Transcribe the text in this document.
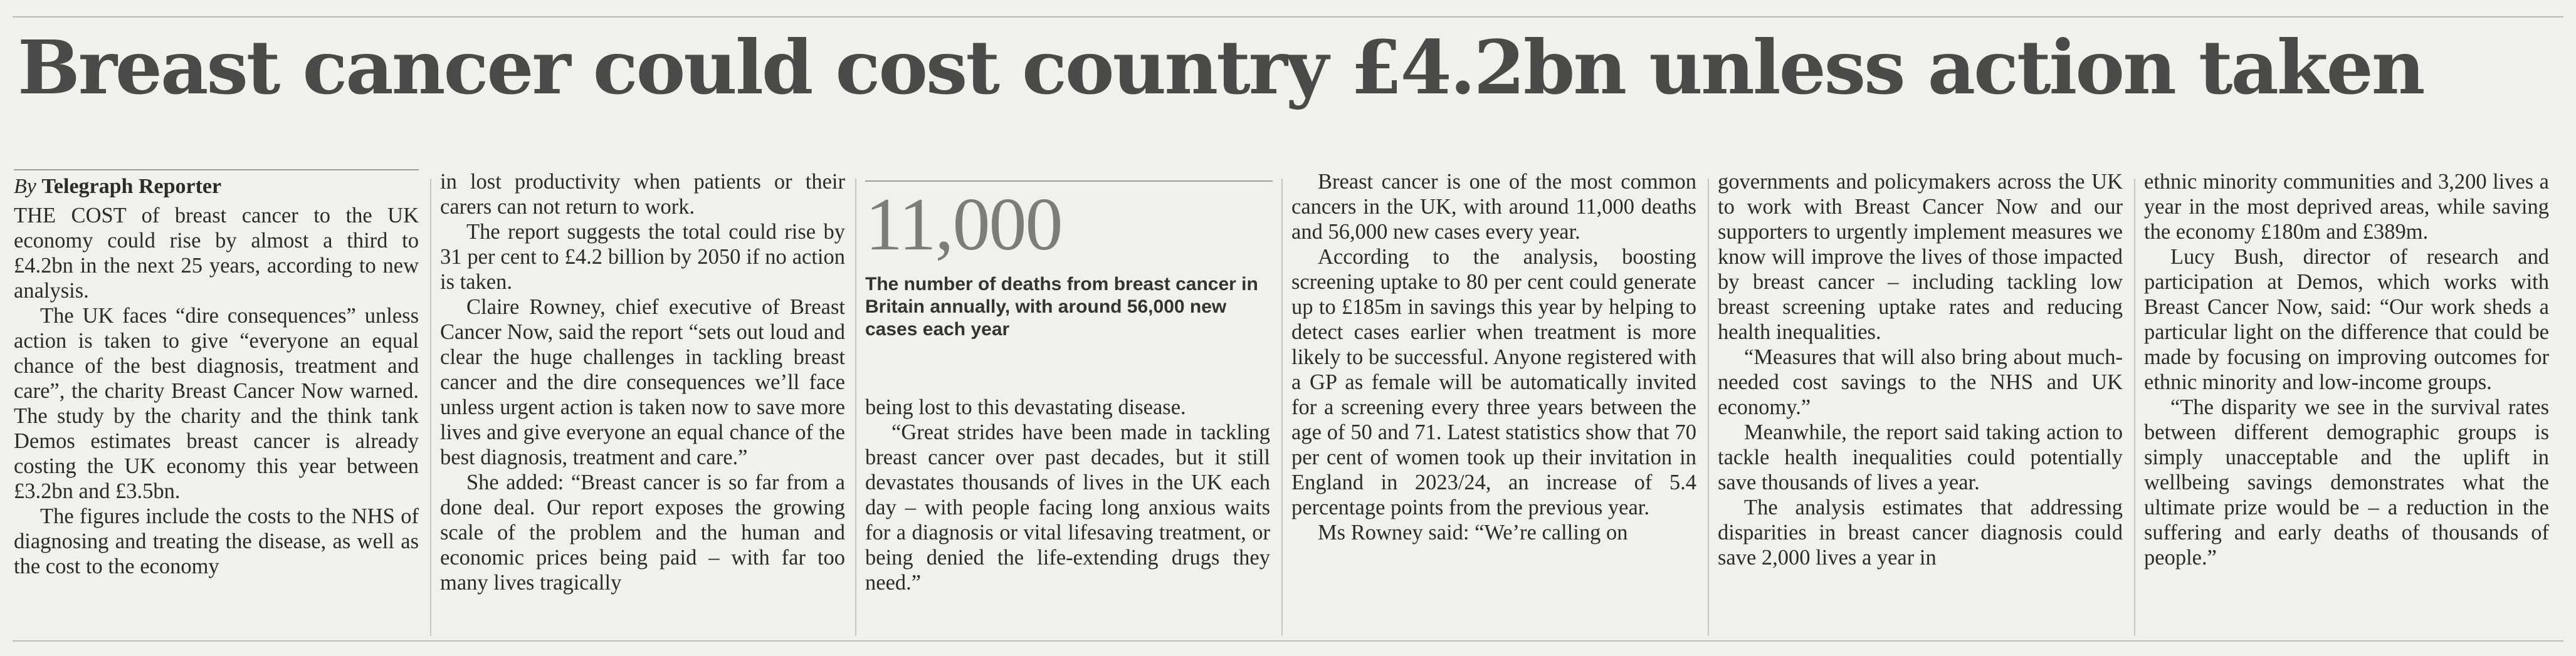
Breast cancer could cost country £4.2bn unless action taken
By Telegraph Reporter

THE COST of breast cancer to the UK economy could rise by almost a third to £4.2bn in the next 25 years, according to new analysis.

The UK faces “dire consequences” unless action is taken to give “everyone an equal chance of the best diagnosis, treatment and care”, the charity Breast Cancer Now warned. The study by the charity and the think tank Demos estimates breast cancer is already costing the UK economy this year between £3.2bn and £3.5bn.

The figures include the costs to the NHS of diagnosing and treating the disease, as well as the cost to the economy

in lost productivity when patients or their carers can not return to work.

The report suggests the total could rise by 31 per cent to £4.2 billion by 2050 if no action is taken.

Claire Rowney, chief executive of Breast Cancer Now, said the report “sets out loud and clear the huge challenges in tackling breast cancer and the dire consequences we’ll face unless urgent action is taken now to save more lives and give everyone an equal chance of the best diagnosis, treatment and care.”

She added: “Breast cancer is so far from a done deal. Our report exposes the growing scale of the problem and the human and economic prices being paid – with far too many lives tragically

11,000
The number of deaths from breast cancer in Britain annually, with around 56,000 new cases each year

being lost to this devastating disease.

“Great strides have been made in tackling breast cancer over past decades, but it still devastates thousands of lives in the UK each day – with people facing long anxious waits for a diagnosis or vital lifesaving treatment, or being denied the life-extending drugs they need.”

Breast cancer is one of the most common cancers in the UK, with around 11,000 deaths and 56,000 new cases every year.

According to the analysis, boosting screening uptake to 80 per cent could generate up to £185m in savings this year by helping to detect cases earlier when treatment is more likely to be successful. Anyone registered with a GP as female will be automatically invited for a screening every three years between the age of 50 and 71. Latest statistics show that 70 per cent of women took up their invitation in England in 2023/24, an increase of 5.4 percentage points from the previous year.

Ms Rowney said: “We’re calling on

governments and policymakers across the UK to work with Breast Cancer Now and our supporters to urgently implement measures we know will improve the lives of those impacted by breast cancer – including tackling low breast screening uptake rates and reducing health inequalities.

“Measures that will also bring about much-needed cost savings to the NHS and UK economy.”

Meanwhile, the report said taking action to tackle health inequalities could potentially save thousands of lives a year.

The analysis estimates that addressing disparities in breast cancer diagnosis could save 2,000 lives a year in

ethnic minority communities and 3,200 lives a year in the most deprived areas, while saving the economy £180m and £389m.

Lucy Bush, director of research and participation at Demos, which works with Breast Cancer Now, said: “Our work sheds a particular light on the difference that could be made by focusing on improving outcomes for ethnic minority and low-income groups.

“The disparity we see in the survival rates between different demographic groups is simply unacceptable and the uplift in wellbeing savings demonstrates what the ultimate prize would be – a reduction in the suffering and early deaths of thousands of people.”
